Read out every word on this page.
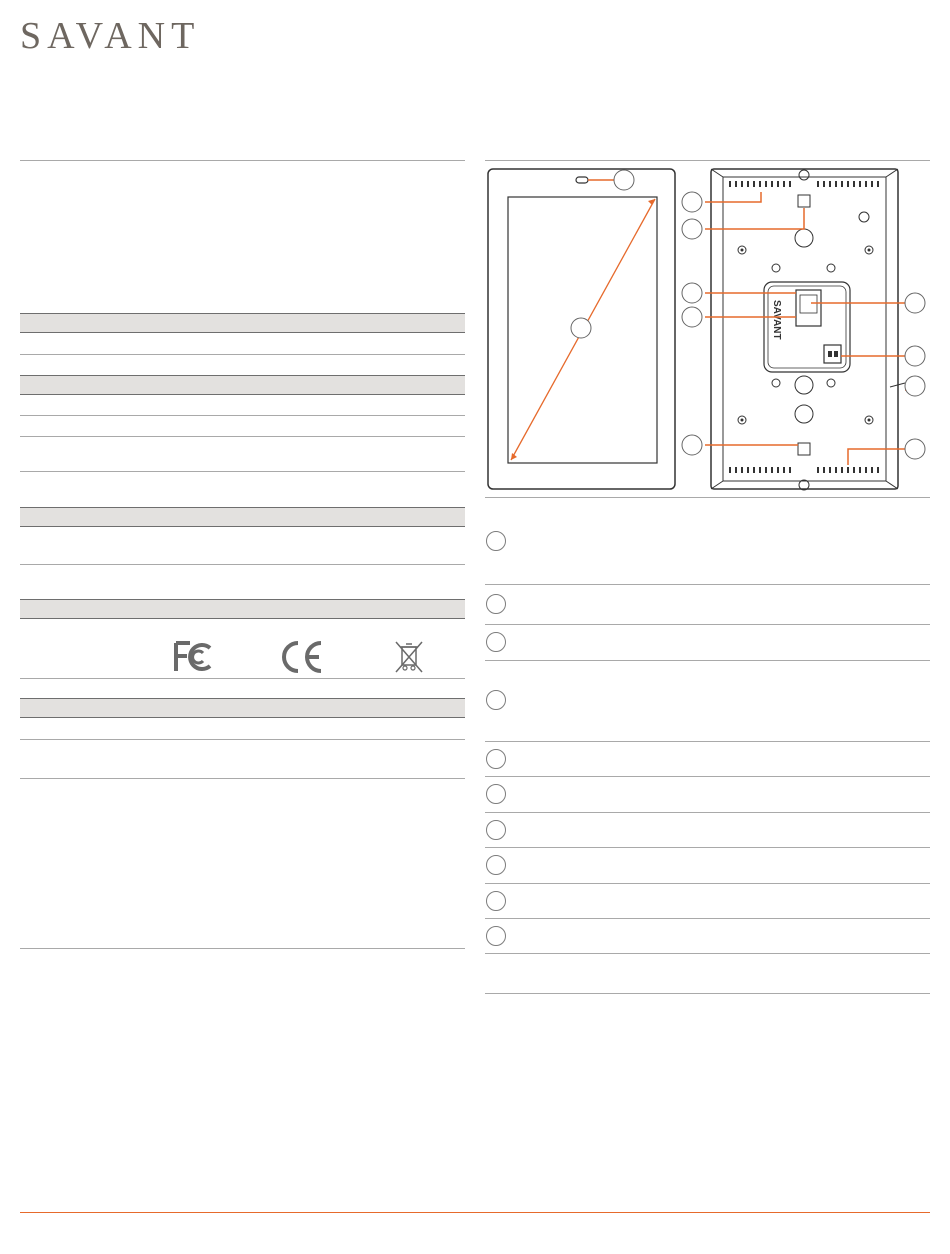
SAVANT
SAVANT
